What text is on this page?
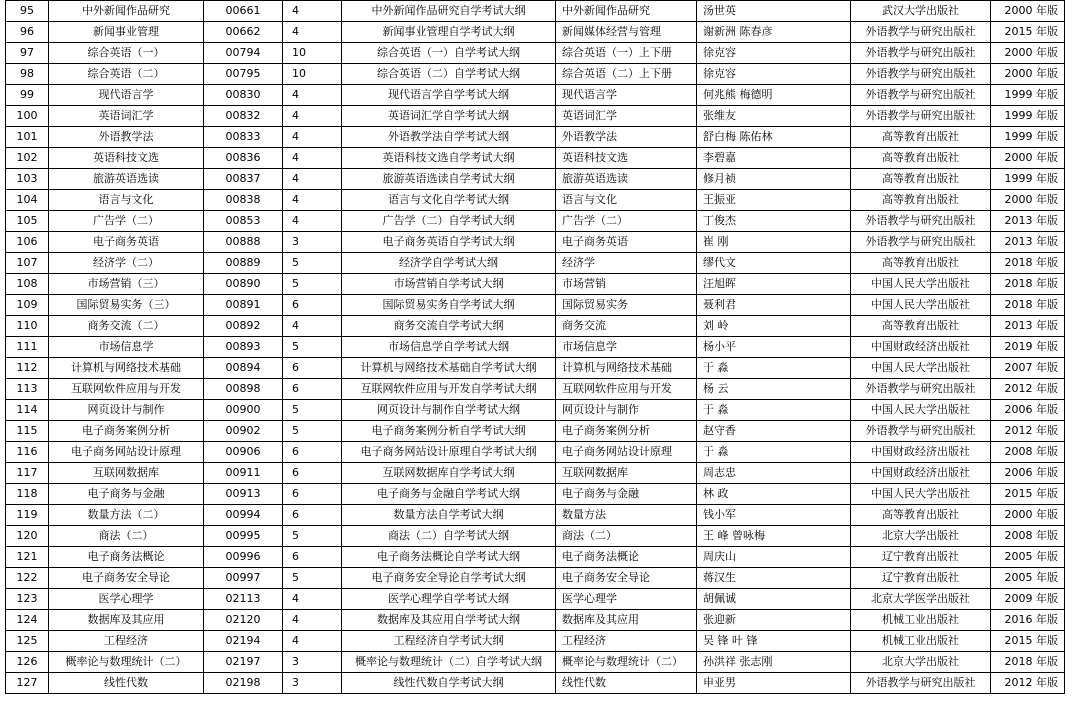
95	中外新闻作品研究	00661	4	中外新闻作品研究自学考试大纲	中外新闻作品研究	汤世英	武汉大学出版社	2000 年版
96	新闻事业管理	00662	4	新闻事业管理自学考试大纲	新闻媒体经营与管理	谢新洲 陈春彦	外语教学与研究出版社	2015 年版
97	综合英语（一）	00794	10	综合英语（一）自学考试大纲	综合英语（一）上下册	徐克容	外语教学与研究出版社	2000 年版
98	综合英语（二）	00795	10	综合英语（二）自学考试大纲	综合英语（二）上下册	徐克容	外语教学与研究出版社	2000 年版
99	现代语言学	00830	4	现代语言学自学考试大纲	现代语言学	何兆熊 梅德明	外语教学与研究出版社	1999 年版
100	英语词汇学	00832	4	英语词汇学自学考试大纲	英语词汇学	张维友	外语教学与研究出版社	1999 年版
101	外语教学法	00833	4	外语教学法自学考试大纲	外语教学法	舒白梅 陈佑林	高等教育出版社	1999 年版
102	英语科技文选	00836	4	英语科技文选自学考试大纲	英语科技文选	李碧嘉	高等教育出版社	2000 年版
103	旅游英语选读	00837	4	旅游英语选读自学考试大纲	旅游英语选读	修月祯	高等教育出版社	1999 年版
104	语言与文化	00838	4	语言与文化自学考试大纲	语言与文化	王振亚	高等教育出版社	2000 年版
105	广告学（二）	00853	4	广告学（二）自学考试大纲	广告学（二）	丁俊杰	外语教学与研究出版社	2013 年版
106	电子商务英语	00888	3	电子商务英语自学考试大纲	电子商务英语	崔 刚	外语教学与研究出版社	2013 年版
107	经济学（二）	00889	5	经济学自学考试大纲	经济学	缪代文	高等教育出版社	2018 年版
108	市场营销（三）	00890	5	市场营销自学考试大纲	市场营销	汪旭晖	中国人民大学出版社	2018 年版
109	国际贸易实务（三）	00891	6	国际贸易实务自学考试大纲	国际贸易实务	聂利君	中国人民大学出版社	2018 年版
110	商务交流（二）	00892	4	商务交流自学考试大纲	商务交流	刘 岭	高等教育出版社	2013 年版
111	市场信息学	00893	5	市场信息学自学考试大纲	市场信息学	杨小平	中国财政经济出版社	2019 年版
112	计算机与网络技术基础	00894	6	计算机与网络技术基础自学考试大纲	计算机与网络技术基础	于 淼	中国人民大学出版社	2007 年版
113	互联网软件应用与开发	00898	6	互联网软件应用与开发自学考试大纲	互联网软件应用与开发	杨 云	外语教学与研究出版社	2012 年版
114	网页设计与制作	00900	5	网页设计与制作自学考试大纲	网页设计与制作	于 淼	中国人民大学出版社	2006 年版
115	电子商务案例分析	00902	5	电子商务案例分析自学考试大纲	电子商务案例分析	赵守香	外语教学与研究出版社	2012 年版
116	电子商务网站设计原理	00906	6	电子商务网站设计原理自学考试大纲	电子商务网站设计原理	于 淼	中国财政经济出版社	2008 年版
117	互联网数据库	00911	6	互联网数据库自学考试大纲	互联网数据库	周志忠	中国财政经济出版社	2006 年版
118	电子商务与金融	00913	6	电子商务与金融自学考试大纲	电子商务与金融	林 政	中国人民大学出版社	2015 年版
119	数量方法（二）	00994	6	数量方法自学考试大纲	数量方法	钱小军	高等教育出版社	2000 年版
120	商法（二）	00995	5	商法（二）自学考试大纲	商法（二）	王 峰 曾咏梅	北京大学出版社	2008 年版
121	电子商务法概论	00996	6	电子商务法概论自学考试大纲	电子商务法概论	周庆山	辽宁教育出版社	2005 年版
122	电子商务安全导论	00997	5	电子商务安全导论自学考试大纲	电子商务安全导论	蒋汉生	辽宁教育出版社	2005 年版
123	医学心理学	02113	4	医学心理学自学考试大纲	医学心理学	胡佩诚	北京大学医学出版社	2009 年版
124	数据库及其应用	02120	4	数据库及其应用自学考试大纲	数据库及其应用	张迎新	机械工业出版社	2016 年版
125	工程经济	02194	4	工程经济自学考试大纲	工程经济	吴 锋 叶 锋	机械工业出版社	2015 年版
126	概率论与数理统计（二）	02197	3	概率论与数理统计（二）自学考试大纲	概率论与数理统计（二）	孙洪祥 张志刚	北京大学出版社	2018 年版
127	线性代数	02198	3	线性代数自学考试大纲	线性代数	申亚男	外语教学与研究出版社	2012 年版
